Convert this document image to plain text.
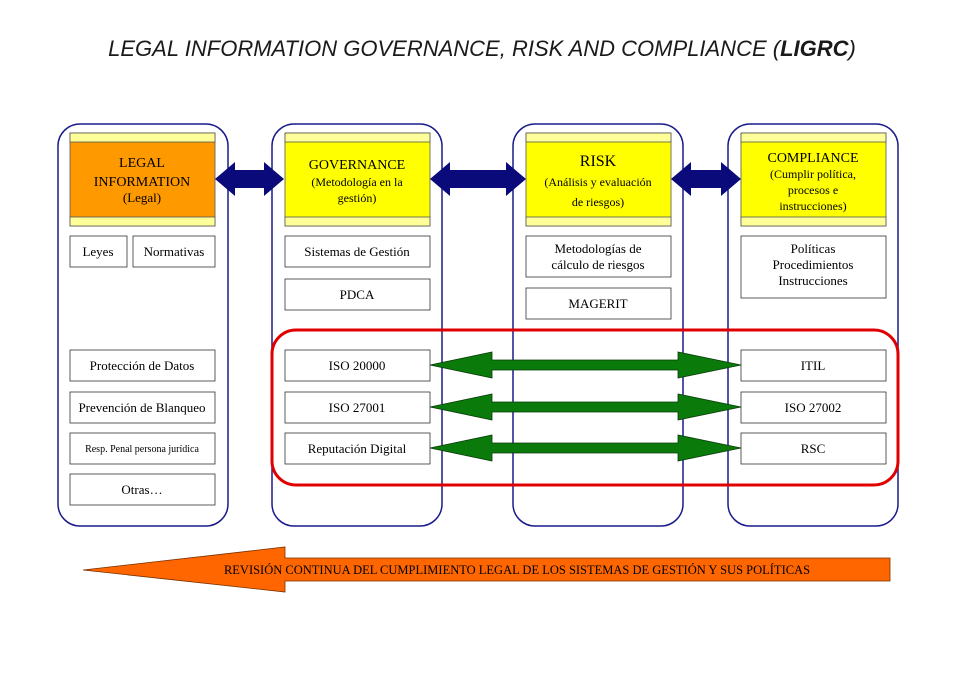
LEGAL INFORMATION GOVERNANCE, RISK AND COMPLIANCE (LIGRC)
LEGAL
INFORMATION
(Legal)
GOVERNANCE
(Metodología en la
gestión)
RISK
(Análisis y evaluación
de riesgos)
COMPLIANCE
(Cumplir política,
procesos e
instrucciones)
Leyes Normativas
Protección de Datos
Prevención de Blanqueo
Resp. Penal persona jurídica
Otras…
Sistemas de Gestión
PDCA
ISO 20000
ISO 27001
Reputación Digital
Metodologías de
cálculo de riesgos
MAGERIT
Políticas
Procedimientos
Instrucciones
ITIL
ISO 27002
RSC
REVISIÓN CONTINUA DEL CUMPLIMIENTO LEGAL DE LOS SISTEMAS DE GESTIÓN Y SUS POLÍTICAS
